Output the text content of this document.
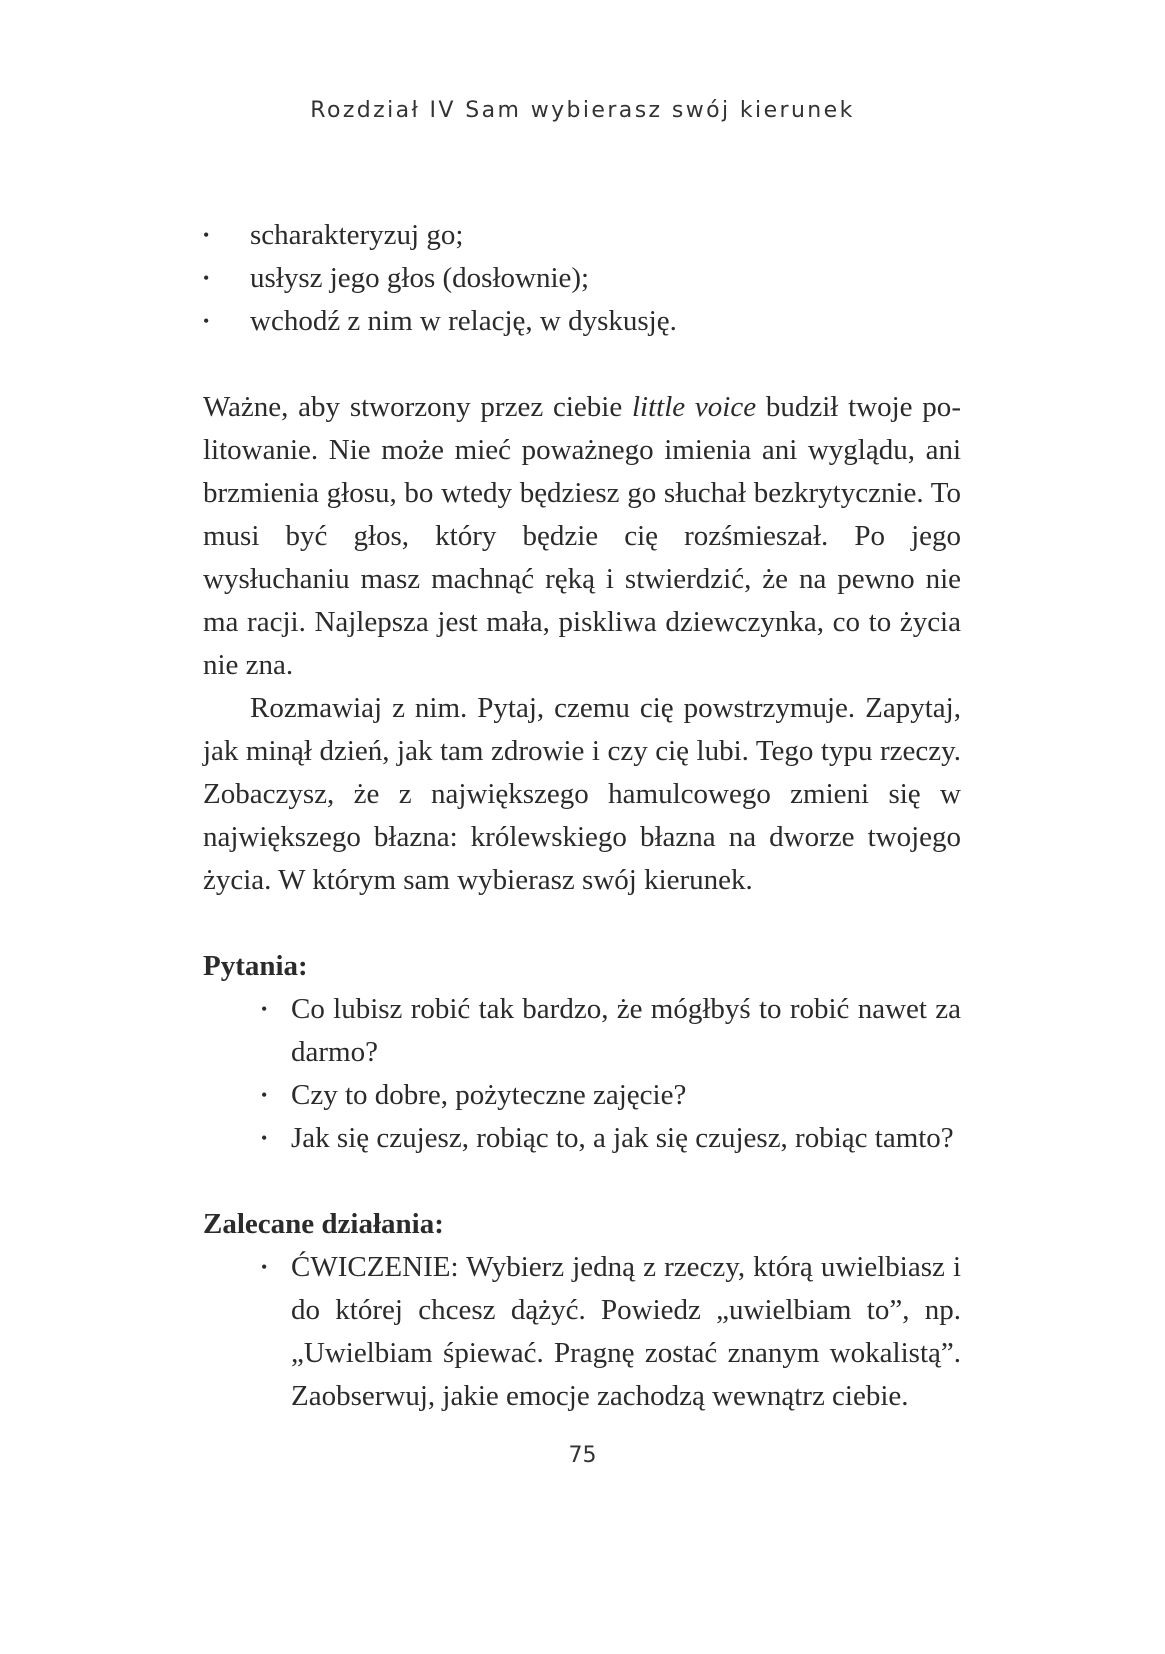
Rozdział IV Sam wybierasz swój kierunek
• scharakteryzuj go;
• usłysz jego głos (dosłownie);
• wchodź z nim w relację, w dyskusję.

Ważne, aby stworzony przez ciebie little voice budził twoje politowanie. Nie może mieć poważnego imienia ani wyglądu, ani brzmienia głosu, bo wtedy będziesz go słuchał bezkrytycznie. To musi być głos, który będzie cię rozśmieszał. Po jego wysłuchaniu masz machnąć ręką i stwierdzić, że na pewno nie ma racji. Najlepsza jest mała, piskliwa dziewczynka, co to życia nie zna.

Rozmawiaj z nim. Pytaj, czemu cię powstrzymuje. Zapytaj, jak minął dzień, jak tam zdrowie i czy cię lubi. Tego typu rzeczy. Zobaczysz, że z największego hamulcowego zmieni się w największego błazna: królewskiego błazna na dworze twojego życia. W którym sam wybierasz swój kierunek.

Pytania:
• Co lubisz robić tak bardzo, że mógłbyś to robić nawet za darmo?
• Czy to dobre, pożyteczne zajęcie?
• Jak się czujesz, robiąc to, a jak się czujesz, robiąc tamto?
Zalecane działania:
• ĆWICZENIE: Wybierz jedną z rzeczy, którą uwielbiasz i do której chcesz dążyć. Powiedz „uwielbiam to”, np. „Uwielbiam śpiewać. Pragnę zostać znanym wokalistą”. Zaobserwuj, jakie emocje zachodzą wewnątrz ciebie.
75
